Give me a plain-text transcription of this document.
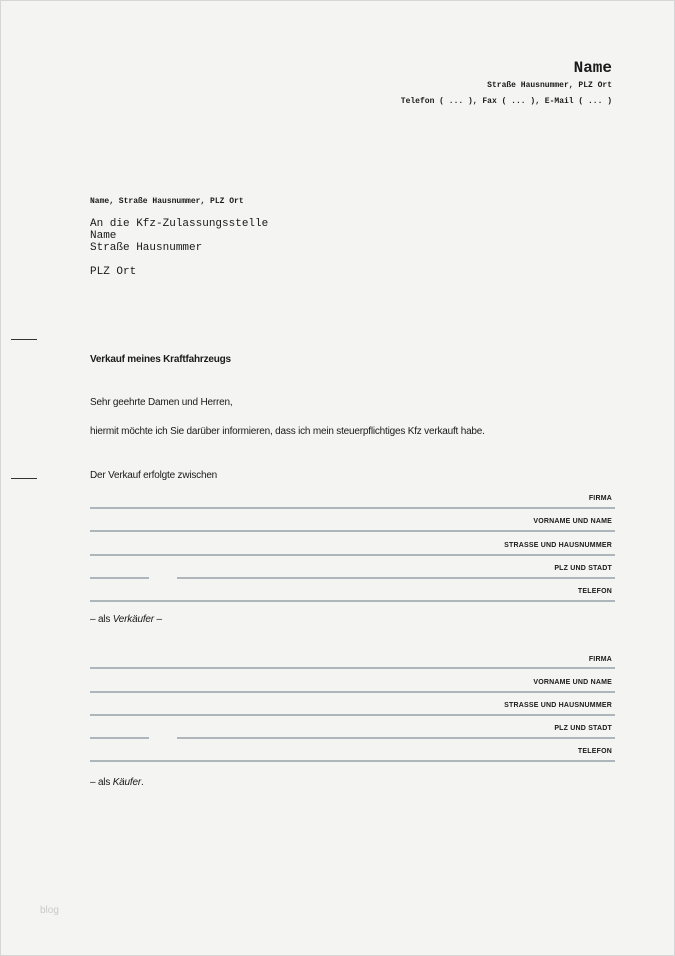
Name
Straße Hausnummer, PLZ Ort
Telefon ( ... ), Fax ( ... ), E-Mail ( ... )
Name, Straße Hausnummer, PLZ Ort
An die Kfz-Zulassungsstelle
Name
Straße Hausnummer
PLZ Ort
Verkauf meines Kraftfahrzeugs
Sehr geehrte Damen und Herren,
hiermit möchte ich Sie darüber informieren, dass ich mein steuerpflichtiges Kfz verkauft habe.
Der Verkauf erfolgte zwischen
FIRMA
VORNAME UND NAME
STRASSE UND HAUSNUMMER
PLZ UND STADT
TELEFON
– als Verkäufer –
FIRMA
VORNAME UND NAME
STRASSE UND HAUSNUMMER
PLZ UND STADT
TELEFON
– als Käufer.
blog
